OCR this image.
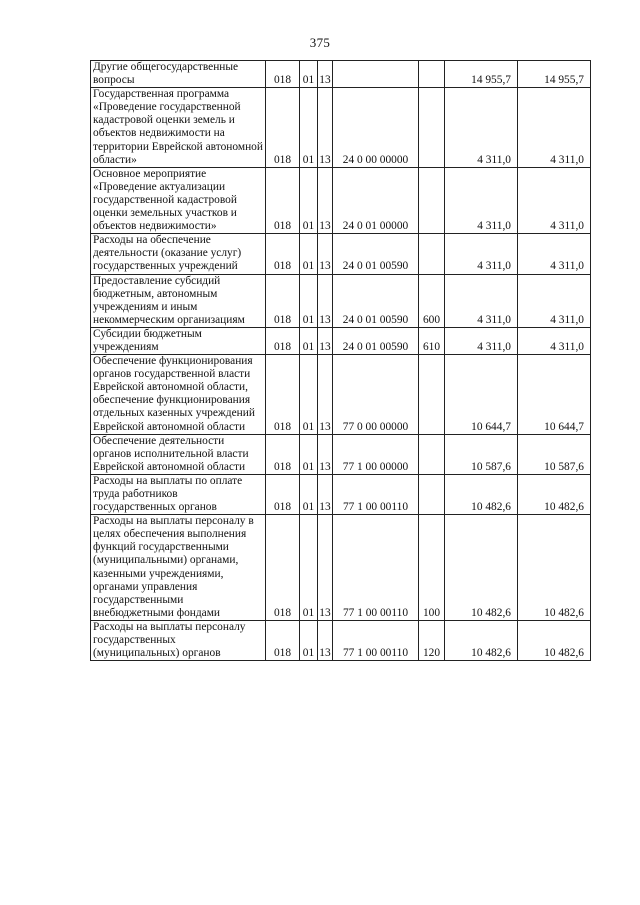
375
Другие общегосударственные вопросы	018	01	13			14 955,7	14 955,7
Государственная программа «Проведение государственной кадастровой оценки земель и объектов недвижимости на территории Еврейской автономной области»	018	01	13	24 0 00 00000		4 311,0	4 311,0
Основное мероприятие «Проведение актуализации государственной кадастровой оценки земельных участков и объектов недвижимости»	018	01	13	24 0 01 00000		4 311,0	4 311,0
Расходы на обеспечение деятельности (оказание услуг) государственных учреждений	018	01	13	24 0 01 00590		4 311,0	4 311,0
Предоставление субсидий бюджетным, автономным учреждениям и иным некоммерческим организациям	018	01	13	24 0 01 00590	600	4 311,0	4 311,0
Субсидии бюджетным учреждениям	018	01	13	24 0 01 00590	610	4 311,0	4 311,0
Обеспечение функционирования органов государственной власти Еврейской автономной области, обеспечение функционирования отдельных казенных учреждений Еврейской автономной области	018	01	13	77 0 00 00000		10 644,7	10 644,7
Обеспечение деятельности органов исполнительной власти Еврейской автономной области	018	01	13	77 1 00 00000		10 587,6	10 587,6
Расходы на выплаты по оплате труда работников государственных органов	018	01	13	77 1 00 00110		10 482,6	10 482,6
Расходы на выплаты персоналу в целях обеспечения выполнения функций государственными (муниципальными) органами, казенными учреждениями, органами управления государственными внебюджетными фондами	018	01	13	77 1 00 00110	100	10 482,6	10 482,6
Расходы на выплаты персоналу государственных (муниципальных) органов	018	01	13	77 1 00 00110	120	10 482,6	10 482,6
